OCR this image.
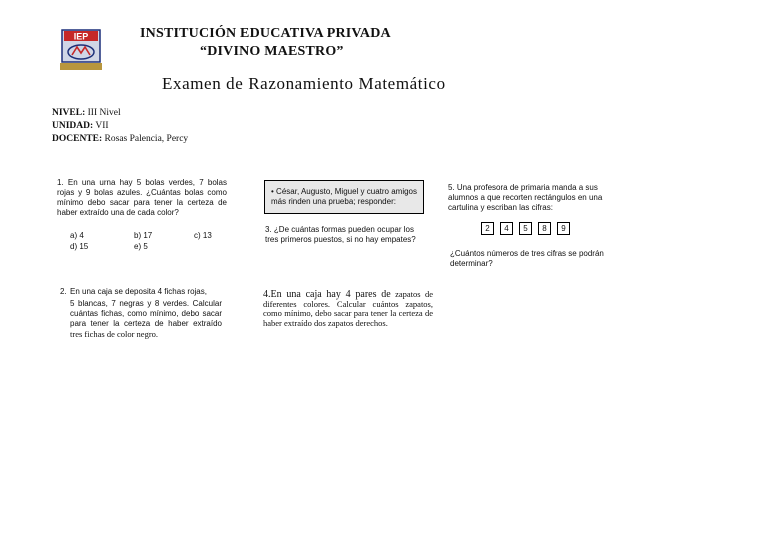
IEP	INSTITUCIÓN EDUCATIVA PRIVADA
“DIVINO MAESTRO”
Examen de Razonamiento Matemático
NIVEL: III Nivel
UNIDAD: VII
DOCENTE: Rosas Palencia, Percy
1. En una urna hay 5 bolas verdes, 7 bolas rojas y 9 bolas azules. ¿Cuántas bolas como mínimo debo sacar para tener la certeza de haber extraído una de cada color?
a) 4	b) 17	c) 13
d) 15	e) 5
2. En una caja se deposita 4 fichas rojas,
5 blancas, 7 negras y 8 verdes. Calcular cuántas fichas, como mínimo, debo sacar para tener la certeza de haber extraído tres fichas de color negro.
• César, Augusto, Miguel y cuatro amigos más rinden una prueba; responder:
3. ¿De cuántas formas pueden ocupar los tres primeros puestos, si no hay empates?
4.En una caja hay 4 pares de zapatos de diferentes colores. Calcular cuántos zapatos, como mínimo, debo sacar para tener la certeza de haber extraído dos zapatos derechos.
5. Una profesora de primaria manda a sus alumnos a que recorten rectángulos en una cartulina y escriban las cifras:
2	4	5	8	9
¿Cuántos números de tres cifras se podrán determinar?
